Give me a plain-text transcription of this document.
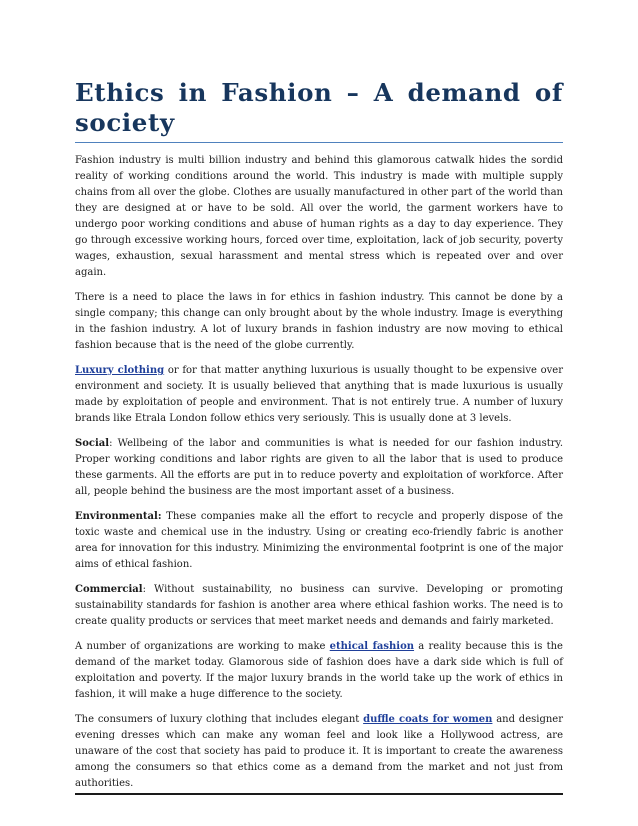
Ethics in Fashion – A demand of society

Fashion industry is multi billion industry and behind this glamorous catwalk hides the sordid reality of working conditions around the world. This industry is made with multiple supply chains from all over the globe. Clothes are usually manufactured in other part of the world than they are designed at or have to be sold. All over the world, the garment workers have to undergo poor working conditions and abuse of human rights as a day to day experience. They go through excessive working hours, forced over time, exploitation, lack of job security, poverty wages, exhaustion, sexual harassment and mental stress which is repeated over and over again.

There is a need to place the laws in for ethics in fashion industry. This cannot be done by a single company; this change can only brought about by the whole industry. Image is everything in the fashion industry. A lot of luxury brands in fashion industry are now moving to ethical fashion because that is the need of the globe currently.

Luxury clothing or for that matter anything luxurious is usually thought to be expensive over environment and society. It is usually believed that anything that is made luxurious is usually made by exploitation of people and environment. That is not entirely true. A number of luxury brands like Etrala London follow ethics very seriously. This is usually done at 3 levels.

Social: Wellbeing of the labor and communities is what is needed for our fashion industry. Proper working conditions and labor rights are given to all the labor that is used to produce these garments. All the efforts are put in to reduce poverty and exploitation of workforce. After all, people behind the business are the most important asset of a business.

Environmental: These companies make all the effort to recycle and properly dispose of the toxic waste and chemical use in the industry. Using or creating eco-friendly fabric is another area for innovation for this industry. Minimizing the environmental footprint is one of the major aims of ethical fashion.

Commercial: Without sustainability, no business can survive. Developing or promoting sustainability standards for fashion is another area where ethical fashion works. The need is to create quality products or services that meet market needs and demands and fairly marketed.

A number of organizations are working to make ethical fashion a reality because this is the demand of the market today. Glamorous side of fashion does have a dark side which is full of exploitation and poverty. If the major luxury brands in the world take up the work of ethics in fashion, it will make a huge difference to the society.

The consumers of luxury clothing that includes elegant duffle coats for women and designer evening dresses which can make any woman feel and look like a Hollywood actress, are unaware of the cost that society has paid to produce it. It is important to create the awareness among the consumers so that ethics come as a demand from the market and not just from authorities.
